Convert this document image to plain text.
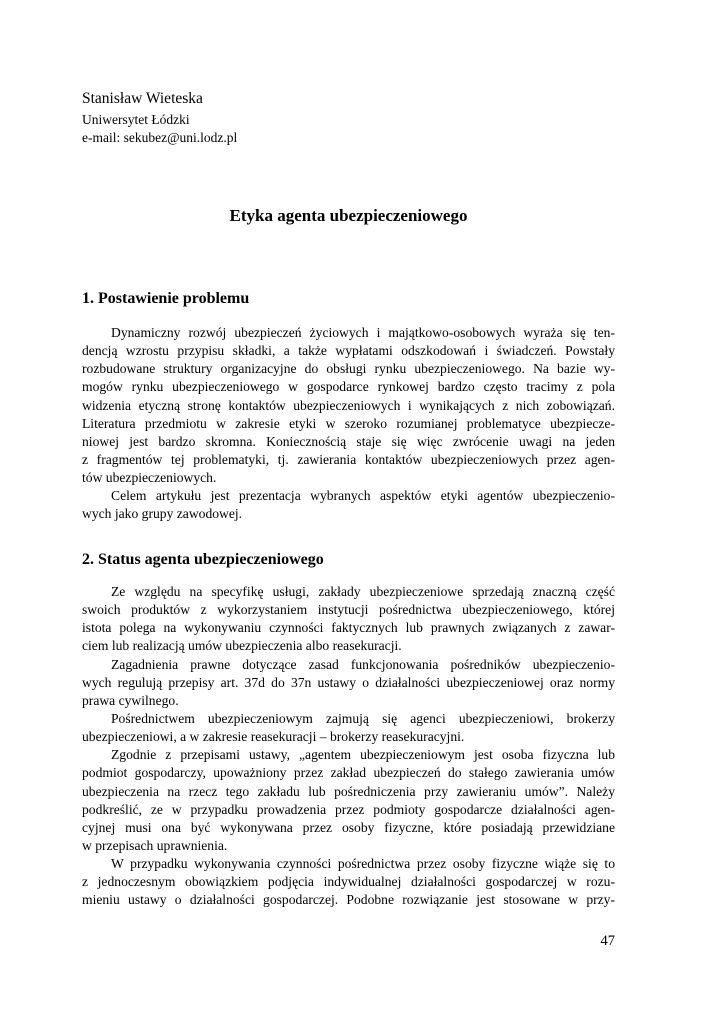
Stanisław Wieteska
Uniwersytet Łódzki
e-mail: sekubez@uni.lodz.pl
Etyka agenta ubezpieczeniowego
1. Postawienie problemu
Dynamiczny rozwój ubezpieczeń życiowych i majątkowo-osobowych wyraża się ten-
dencją wzrostu przypisu składki, a także wypłatami odszkodowań i świadczeń. Powstały
rozbudowane struktury organizacyjne do obsługi rynku ubezpieczeniowego. Na bazie wy-
mogów rynku ubezpieczeniowego w gospodarce rynkowej bardzo często tracimy z pola
widzenia etyczną stronę kontaktów ubezpieczeniowych i wynikających z nich zobowiązań.
Literatura przedmiotu w zakresie etyki w szeroko rozumianej problematyce ubezpiecze-
niowej jest bardzo skromna. Koniecznością staje się więc zwrócenie uwagi na jeden
z fragmentów tej problematyki, tj. zawierania kontaktów ubezpieczeniowych przez agen-
tów ubezpieczeniowych.
Celem artykułu jest prezentacja wybranych aspektów etyki agentów ubezpieczenio-
wych jako grupy zawodowej.
2. Status agenta ubezpieczeniowego
Ze względu na specyfikę usługi, zakłady ubezpieczeniowe sprzedają znaczną część
swoich produktów z wykorzystaniem instytucji pośrednictwa ubezpieczeniowego, której
istota polega na wykonywaniu czynności faktycznych lub prawnych związanych z zawar-
ciem lub realizacją umów ubezpieczenia albo reasekuracji.
Zagadnienia prawne dotyczące zasad funkcjonowania pośredników ubezpieczenio-
wych regulują przepisy art. 37d do 37n ustawy o działalności ubezpieczeniowej oraz normy
prawa cywilnego.
Pośrednictwem ubezpieczeniowym zajmują się agenci ubezpieczeniowi, brokerzy
ubezpieczeniowi, a w zakresie reasekuracji – brokerzy reasekuracyjni.
Zgodnie z przepisami ustawy, „agentem ubezpieczeniowym jest osoba fizyczna lub
podmiot gospodarczy, upoważniony przez zakład ubezpieczeń do stałego zawierania umów
ubezpieczenia na rzecz tego zakładu lub pośredniczenia przy zawieraniu umów”. Należy
podkreślić, ze w przypadku prowadzenia przez podmioty gospodarcze działalności agen-
cyjnej musi ona być wykonywana przez osoby fizyczne, które posiadają przewidziane
w przepisach uprawnienia.
W przypadku wykonywania czynności pośrednictwa przez osoby fizyczne wiąże się to
z jednoczesnym obowiązkiem podjęcia indywidualnej działalności gospodarczej w rozu-
mieniu ustawy o działalności gospodarczej. Podobne rozwiązanie jest stosowane w przy-
47
